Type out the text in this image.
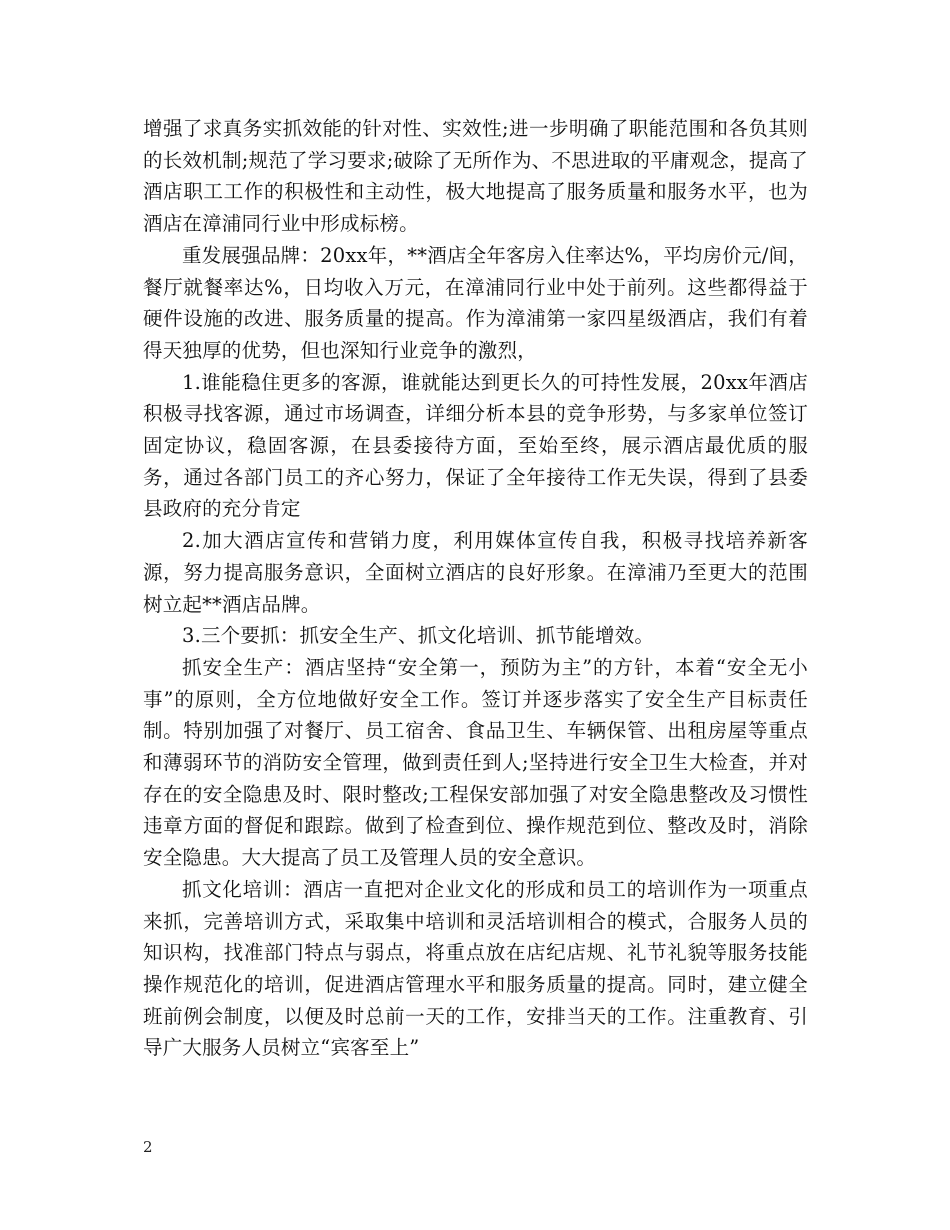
增强了求真务实抓效能的针对性、实效性;进一步明确了职能范围和各负其则的长效机制;规范了学习要求;破除了无所作为、不思进取的平庸观念，提高了酒店职工工作的积极性和主动性，极大地提高了服务质量和服务水平，也为酒店在漳浦同行业中形成标榜。

重发展强品牌：20xx年，**酒店全年客房入住率达%，平均房价元/间，餐厅就餐率达%，日均收入万元，在漳浦同行业中处于前列。这些都得益于硬件设施的改进、服务质量的提高。作为漳浦第一家四星级酒店，我们有着得天独厚的优势，但也深知行业竞争的激烈，

1.谁能稳住更多的客源，谁就能达到更长久的可持性发展，20xx年酒店积极寻找客源，通过市场调查，详细分析本县的竞争形势，与多家单位签订固定协议，稳固客源，在县委接待方面，至始至终，展示酒店最优质的服务，通过各部门员工的齐心努力，保证了全年接待工作无失误，得到了县委县政府的充分肯定

2.加大酒店宣传和营销力度，利用媒体宣传自我，积极寻找培养新客源，努力提高服务意识，全面树立酒店的良好形象。在漳浦乃至更大的范围树立起**酒店品牌。

3.三个要抓：抓安全生产、抓文化培训、抓节能增效。

抓安全生产：酒店坚持“安全第一，预防为主”的方针，本着“安全无小事”的原则，全方位地做好安全工作。签订并逐步落实了安全生产目标责任制。特别加强了对餐厅、员工宿舍、食品卫生、车辆保管、出租房屋等重点和薄弱环节的消防安全管理，做到责任到人;坚持进行安全卫生大检查，并对存在的安全隐患及时、限时整改;工程保安部加强了对安全隐患整改及习惯性违章方面的督促和跟踪。做到了检查到位、操作规范到位、整改及时，消除安全隐患。大大提高了员工及管理人员的安全意识。

抓文化培训：酒店一直把对企业文化的形成和员工的培训作为一项重点来抓，完善培训方式，采取集中培训和灵活培训相合的模式，合服务人员的知识构，找准部门特点与弱点，将重点放在店纪店规、礼节礼貌等服务技能操作规范化的培训，促进酒店管理水平和服务质量的提高。同时，建立健全班前例会制度，以便及时总前一天的工作，安排当天的工作。注重教育、引导广大服务人员树立“宾客至上”

2
